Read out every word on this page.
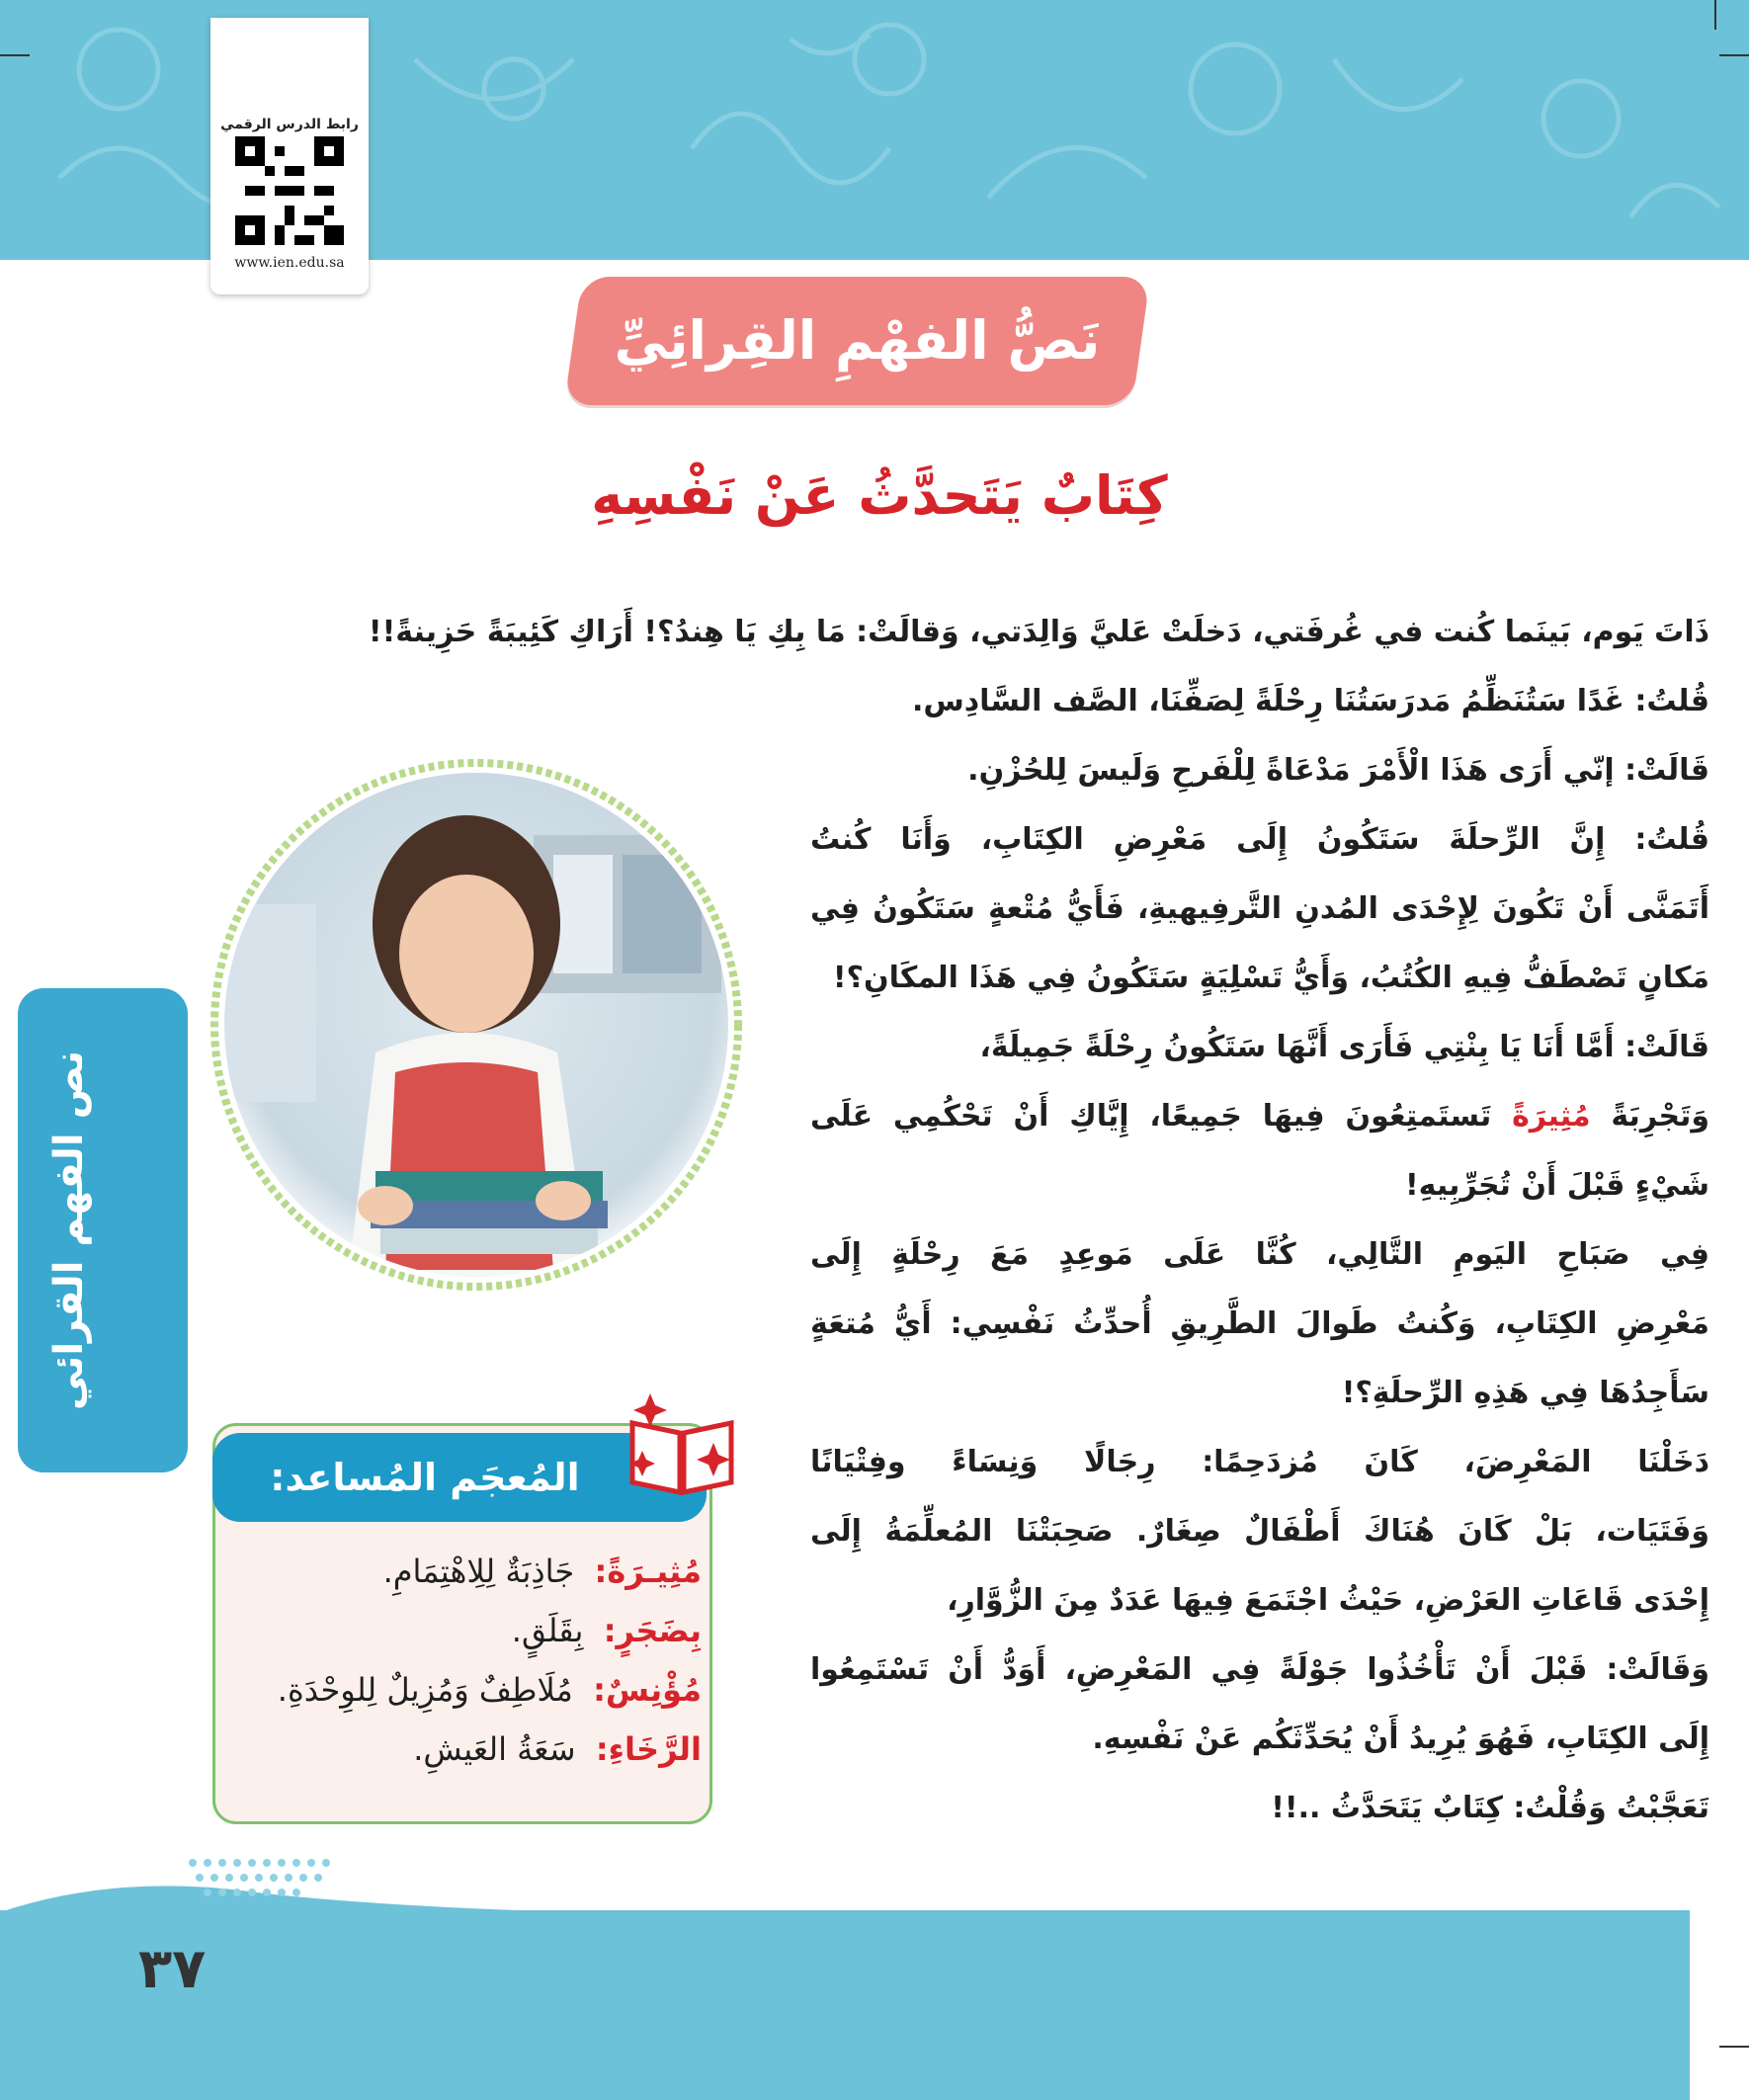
رابط الدرس الرقمي
www.ien.edu.sa
نَصُّ الفهْمِ القِرائِيِّ
كِتَابٌ يَتَحدَّثُ عَنْ نَفْسِهِ
ذَاتَ يَوم، بَينَما كُنت في غُرفَتي، دَخلَتْ عَليَّ وَالِدَتي، وَقالَتْ: مَا بِكِ يَا هِندُ؟! أَرَاكِ كَئِيبَةً حَزِينةً!!
قُلتُ: غَدًا سَتُنَظِّمُ مَدرَسَتُنَا رِحْلَةً لِصَفِّنَا، الصَّف السَّادِس.
قَالَتْ: إنّي أَرَى هَذَا الْأَمْرَ مَدْعَاةً لِلْفَرحِ وَلَيسَ لِلحُزْنِ.
قُلتُ: إِنَّ الرِّحلَةَ سَتَكُونُ إِلَى مَعْرِضِ الكِتَابِ، وَأَنَا كُنتُ
أَتَمَنَّى أَنْ تَكُونَ لِإِحْدَى المُدنِ التَّرفِيهيةِ، فَأَيُّ مُتْعةٍ سَتَكُونُ فِي
مَكانٍ تَصْطَفُّ فِيهِ الكُتُبُ، وَأَيُّ تَسْلِيَةٍ سَتَكُونُ فِي هَذَا المكَانِ؟!
قَالَتْ: أَمَّا أَنَا يَا بِنْتِي فَأَرَى أَنَّهَا سَتَكُونُ رِحْلَةً جَمِيلَةً،
وَتَجْرِبَةً مُثِيرَةً تَستَمتِعُونَ فِيهَا جَمِيعًا، إِيَّاكِ أَنْ تَحْكُمِي عَلَى
شَيْءٍ قَبْلَ أَنْ تُجَرِّبِيهِ!
فِي صَبَاحِ اليَومِ التَّالِي، كُنَّا عَلَى مَوعِدٍ مَعَ رِحْلَةٍ إِلَى
مَعْرِضِ الكِتَابِ، وَكُنتُ طَوالَ الطَّرِيقِ أُحدِّثُ نَفْسِي: أَيُّ مُتعَةٍ
سَأَجِدُهَا فِي هَذِهِ الرِّحلَةِ؟!
دَخَلْنَا المَعْرِضَ، كَانَ مُزدَحِمًا: رِجَالًا وَنِسَاءً وفِتْيَانًا
وَفَتَيَات، بَلْ كَانَ هُنَاكَ أَطْفَالٌ صِغَارٌ. صَحِبَتْنَا المُعلِّمَةُ إِلَى
إِحْدَى قَاعَاتِ العَرْضِ، حَيْثُ اجْتَمَعَ فِيهَا عَدَدٌ مِنَ الزُّوَّارِ،
وَقَالَتْ: قَبْلَ أَنْ تَأْخُذُوا جَوْلَةً فِي المَعْرِضِ، أَوَدُّ أَنْ تَسْتَمِعُوا
إِلَى الكِتَابِ، فَهُوَ يُرِيدُ أَنْ يُحَدِّثَكُم عَنْ نَفْسِهِ.
تَعَجَّبْتُ وَقُلْتُ: كِتَابٌ يَتَحَدَّثُ ..!!
نص الفهم القرائي
المُعجَم المُساعد:
مُثِيـرَةً:  جَاذِبَةٌ لِلِاهْتِمَامِ.
بِضَجَرٍ:  بِقَلَقٍ.
مُؤْنِسٌ:  مُلَاطِفٌ وَمُزِيلٌ لِلوِحْدَةِ.
الرَّخَاءِ:  سَعَةُ العَيشِ.
٣٧
